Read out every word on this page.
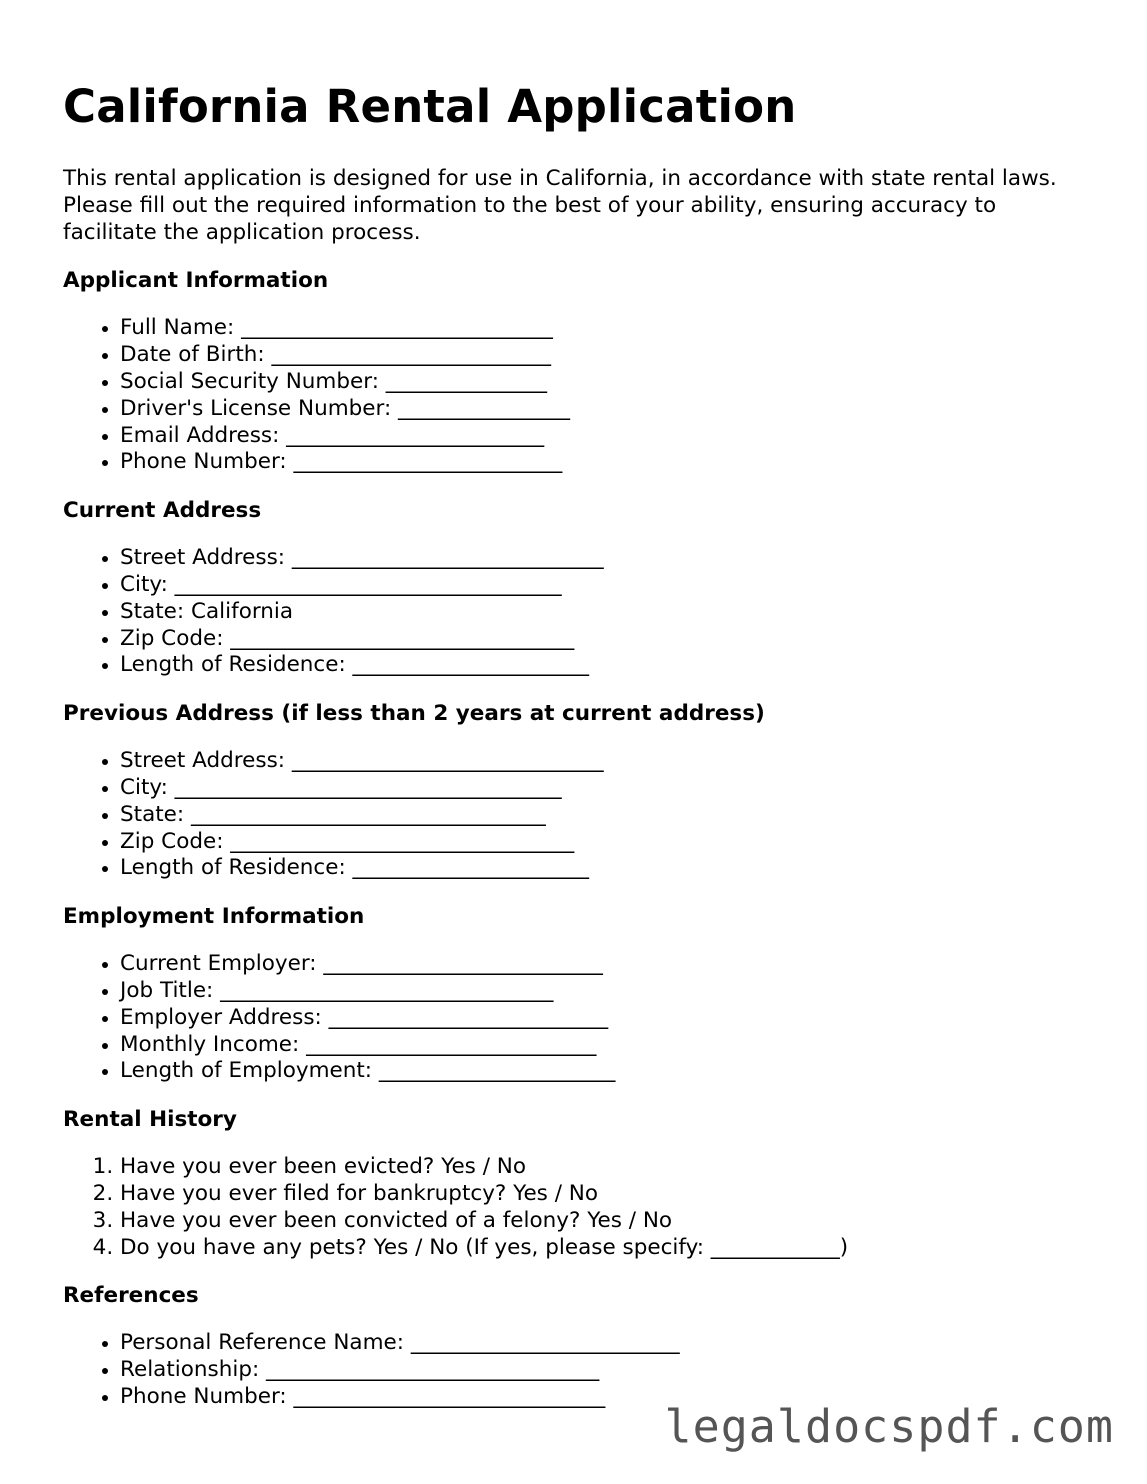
California Rental Application

This rental application is designed for use in California, in accordance with state rental laws. Please fill out the required information to the best of your ability, ensuring accuracy to facilitate the application process.

Applicant Information
• Full Name: _____________________________
• Date of Birth: __________________________
• Social Security Number: _______________
• Driver's License Number: ________________
• Email Address: ________________________
• Phone Number: _________________________
Current Address
• Street Address: _____________________________
• City: ____________________________________
• State: California
• Zip Code: ________________________________
• Length of Residence: ______________________
Previous Address (if less than 2 years at current address)
• Street Address: _____________________________
• City: ____________________________________
• State: _________________________________
• Zip Code: ________________________________
• Length of Residence: ______________________
Employment Information
• Current Employer: __________________________
• Job Title: _______________________________
• Employer Address: __________________________
• Monthly Income: ___________________________
• Length of Employment: ______________________
Rental History
1. Have you ever been evicted? Yes / No
2. Have you ever filed for bankruptcy? Yes / No
3. Have you ever been convicted of a felony? Yes / No
4. Do you have any pets? Yes / No (If yes, please specify: ____________)
References
• Personal Reference Name: _________________________
• Relationship: _______________________________
• Phone Number: _____________________________
legaldocspdf.com
